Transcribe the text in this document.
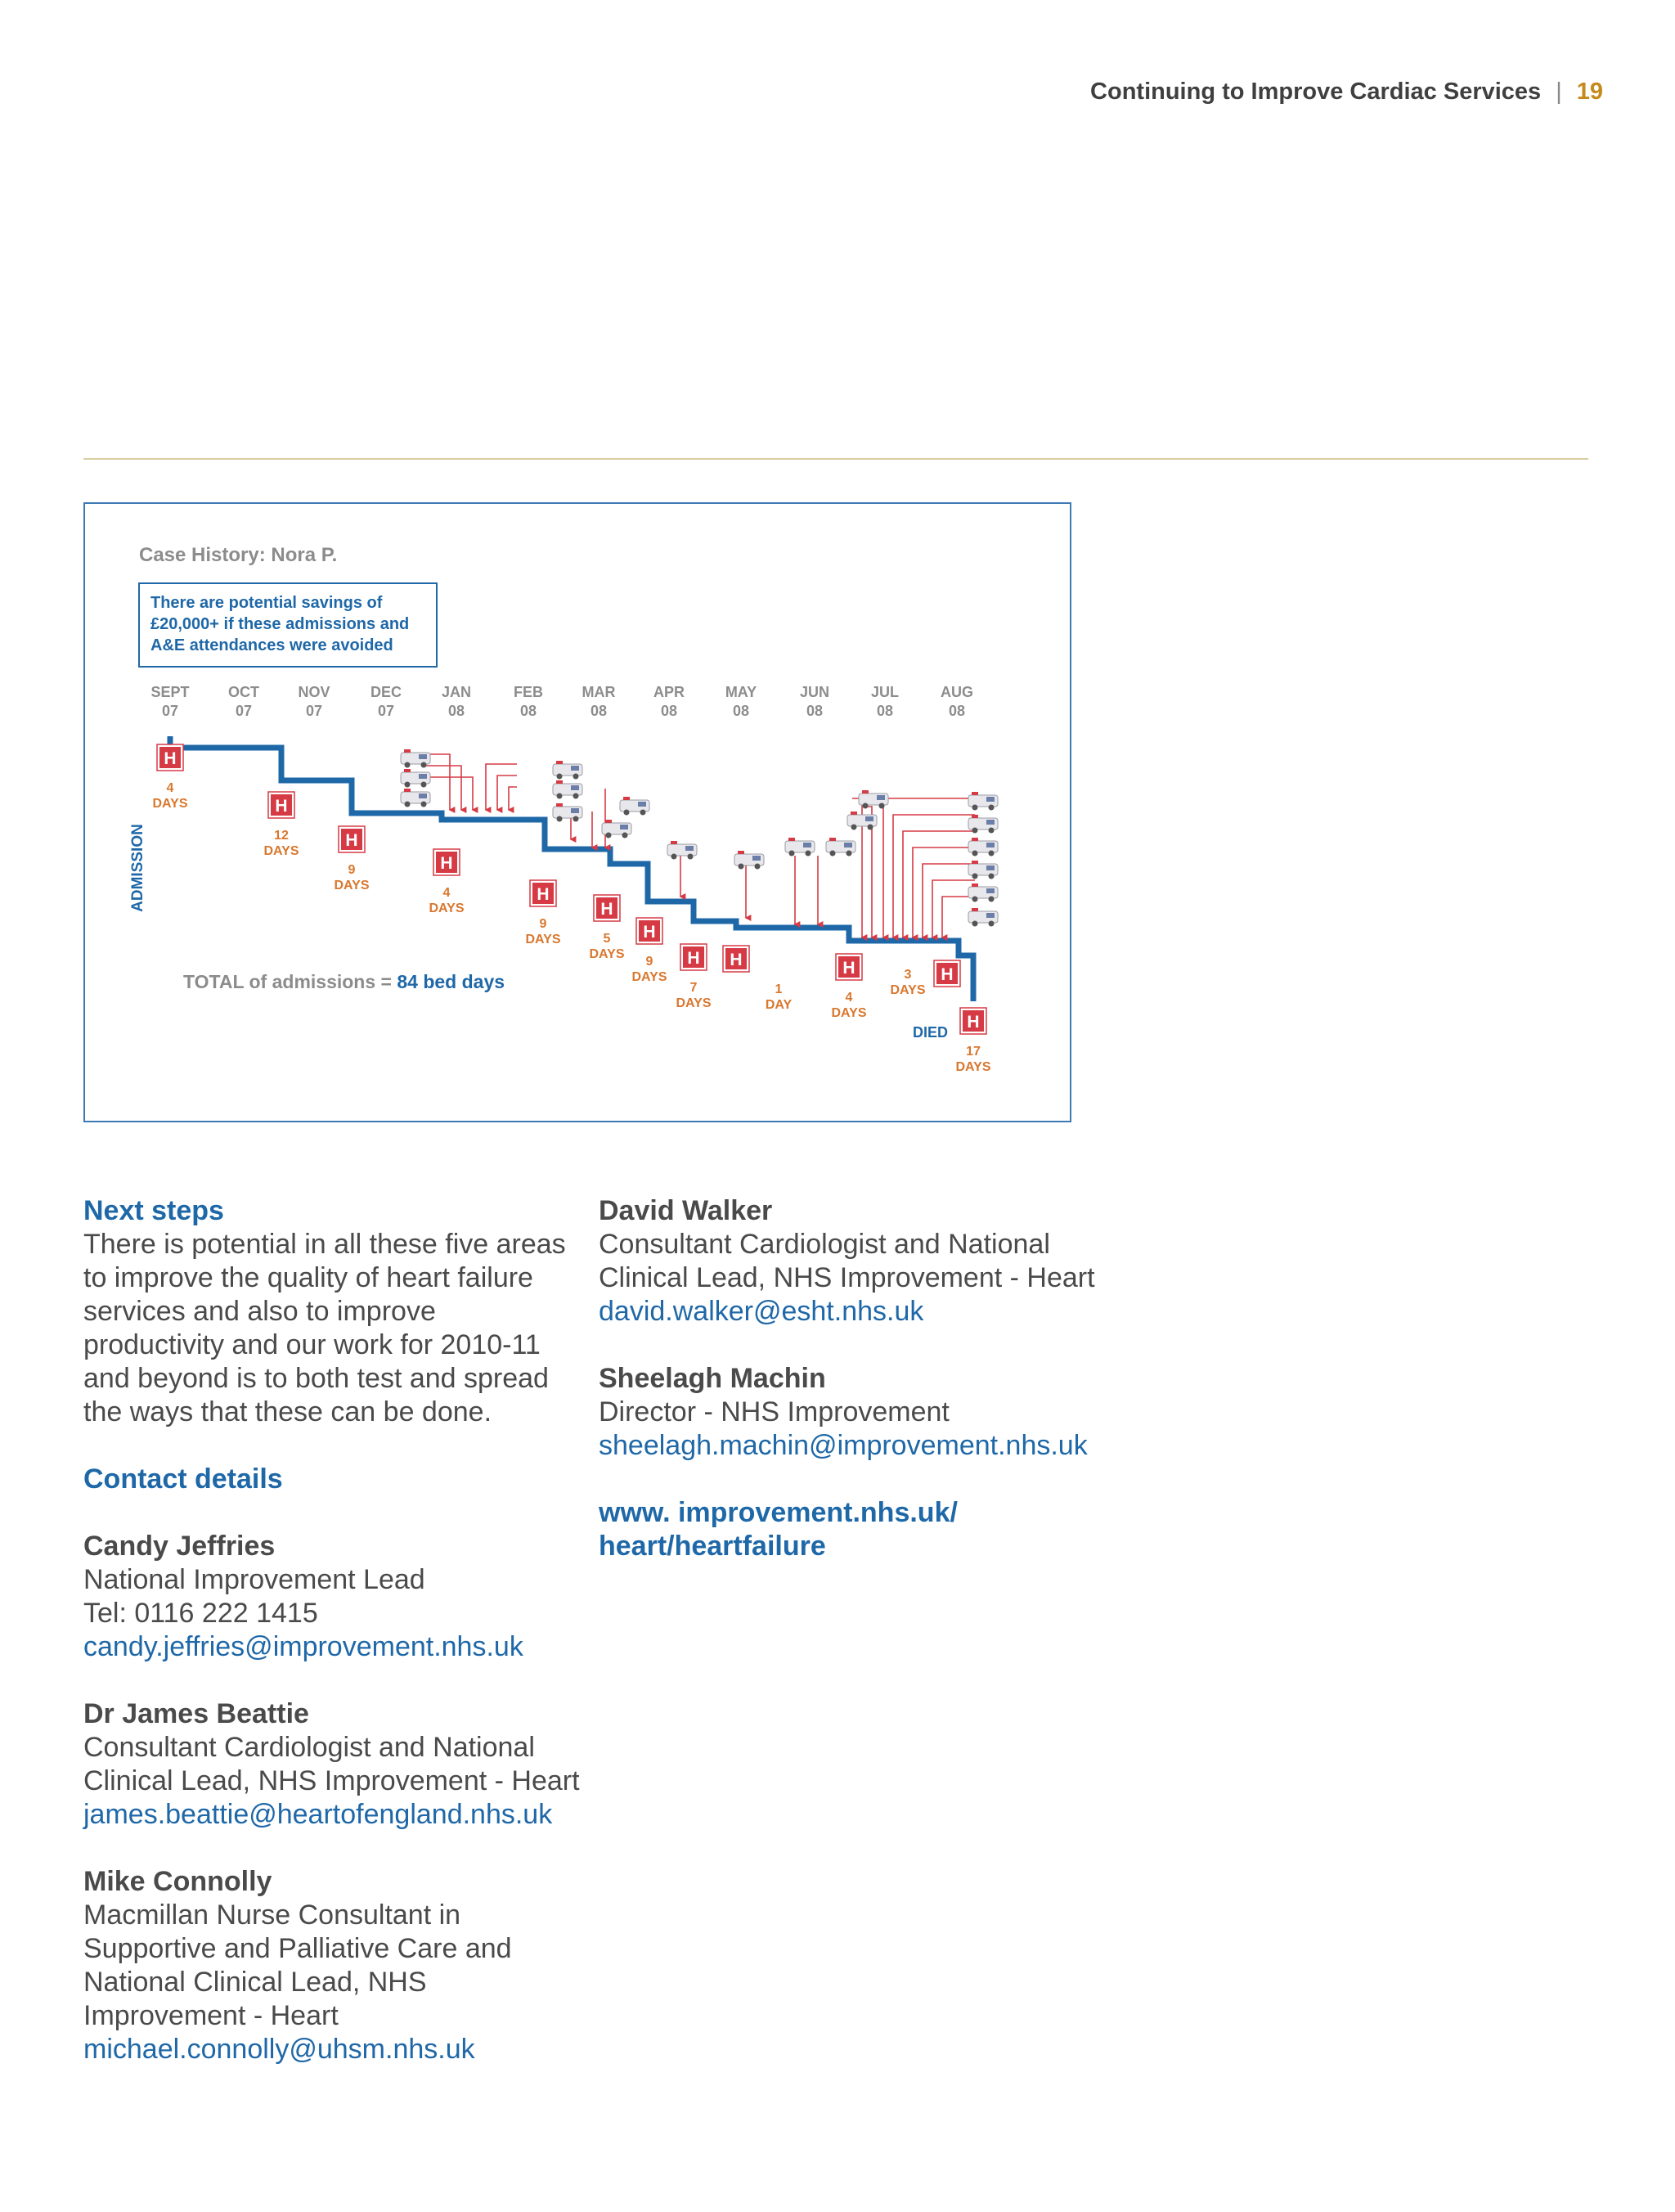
Continuing to Improve Cardiac Services | 19
Case History: Nora P.
There are potential savings of
£20,000+ if these admissions and
A&E attendances were avoided
ADMISSION
TOTAL of admissions = 84 bed days
DIED
SEPT
07
OCT
07
NOV
07
DEC
07
JAN
08
FEB
08
MAR
08
APR
08
MAY
08
JUN
08
JUL
08
AUG
08
H
4
DAYS	H
12
DAYS
H
9
DAYS
H
4
DAYS
H
9
DAYS
H
5
DAYS
H
9
DAYS
H
7
DAYS
H
1
DAY
H
4
DAYS
H
3
DAYS
H
17
DAYS
Next steps

There is potential in all these five areas

to improve the quality of heart failure

services and also to improve

productivity and our work for 2010-11

and beyond is to both test and spread

the ways that these can be done.

Contact details
Candy Jeffries
National Improvement Lead
Tel: 0116 222 1415
candy.jeffries@improvement.nhs.uk
Dr James Beattie
Consultant Cardiologist and National
Clinical Lead, NHS Improvement - Heart
james.beattie@heartofengland.nhs.uk
Mike Connolly
Macmillan Nurse Consultant in
Supportive and Palliative Care and
National Clinical Lead, NHS
Improvement - Heart
michael.connolly@uhsm.nhs.uk
David Walker
Consultant Cardiologist and National
Clinical Lead, NHS Improvement - Heart
david.walker@esht.nhs.uk
Sheelagh Machin
Director - NHS Improvement
sheelagh.machin@improvement.nhs.uk
www. improvement.nhs.uk/
heart/heartfailure
